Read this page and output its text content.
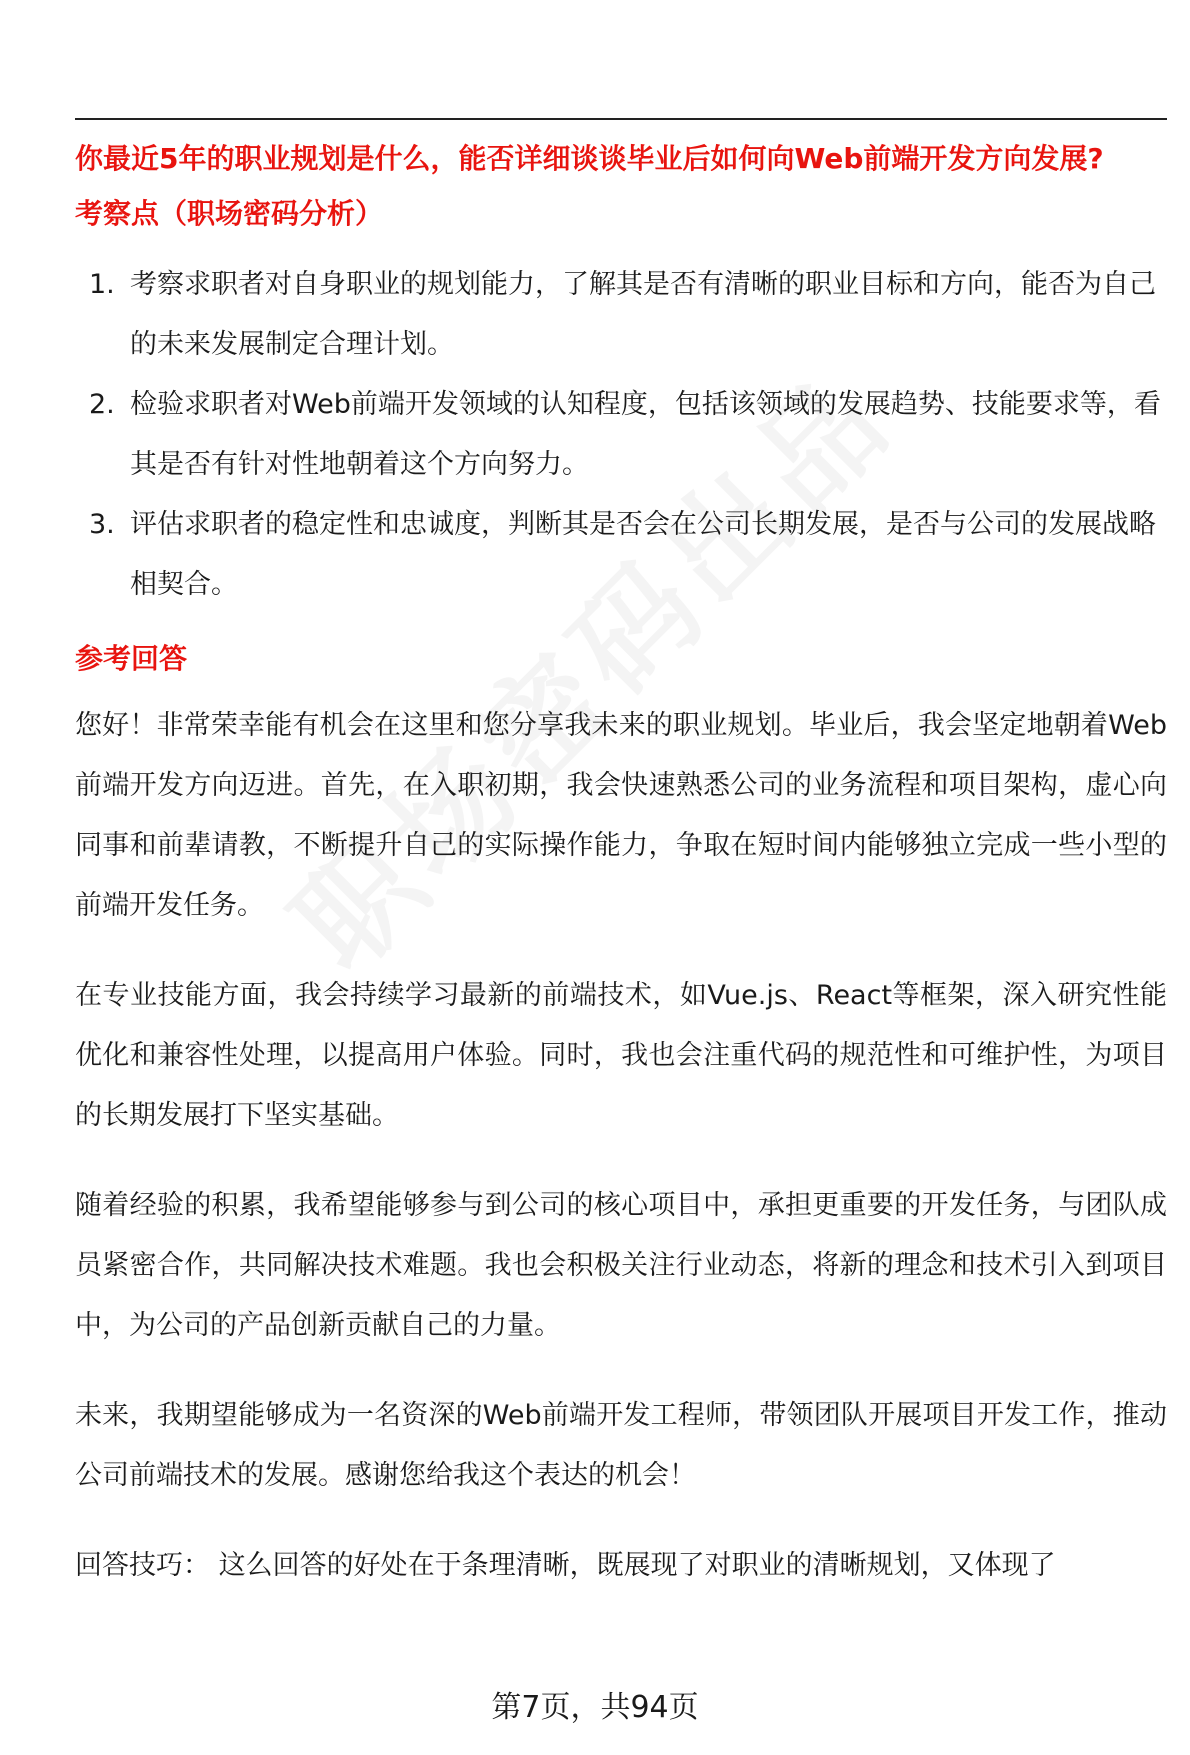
你最近5年的职业规划是什么，能否详细谈谈毕业后如何向Web前端开发方向发展?
考察点（职场密码分析）
1. 考察求职者对自身职业的规划能力，了解其是否有清晰的职业目标和方向，能否为自己的未来发展制定合理计划。
2. 检验求职者对Web前端开发领域的认知程度，包括该领域的发展趋势、技能要求等，看其是否有针对性地朝着这个方向努力。
3. 评估求职者的稳定性和忠诚度，判断其是否会在公司长期发展，是否与公司的发展战略相契合。
参考回答

您好！非常荣幸能有机会在这里和您分享我未来的职业规划。毕业后，我会坚定地朝着Web前端开发方向迈进。首先，在入职初期，我会快速熟悉公司的业务流程和项目架构，虚心向同事和前辈请教，不断提升自己的实际操作能力，争取在短时间内能够独立完成一些小型的前端开发任务。

在专业技能方面，我会持续学习最新的前端技术，如Vue.js、React等框架，深入研究性能优化和兼容性处理，以提高用户体验。同时，我也会注重代码的规范性和可维护性，为项目的长期发展打下坚实基础。

随着经验的积累，我希望能够参与到公司的核心项目中，承担更重要的开发任务，与团队成员紧密合作，共同解决技术难题。我也会积极关注行业动态，将新的理念和技术引入到项目中，为公司的产品创新贡献自己的力量。

未来，我期望能够成为一名资深的Web前端开发工程师，带领团队开展项目开发工作，推动公司前端技术的发展。感谢您给我这个表达的机会！

回答技巧： 这么回答的好处在于条理清晰，既展现了对职业的清晰规划，又体现了

第7页，共94页
